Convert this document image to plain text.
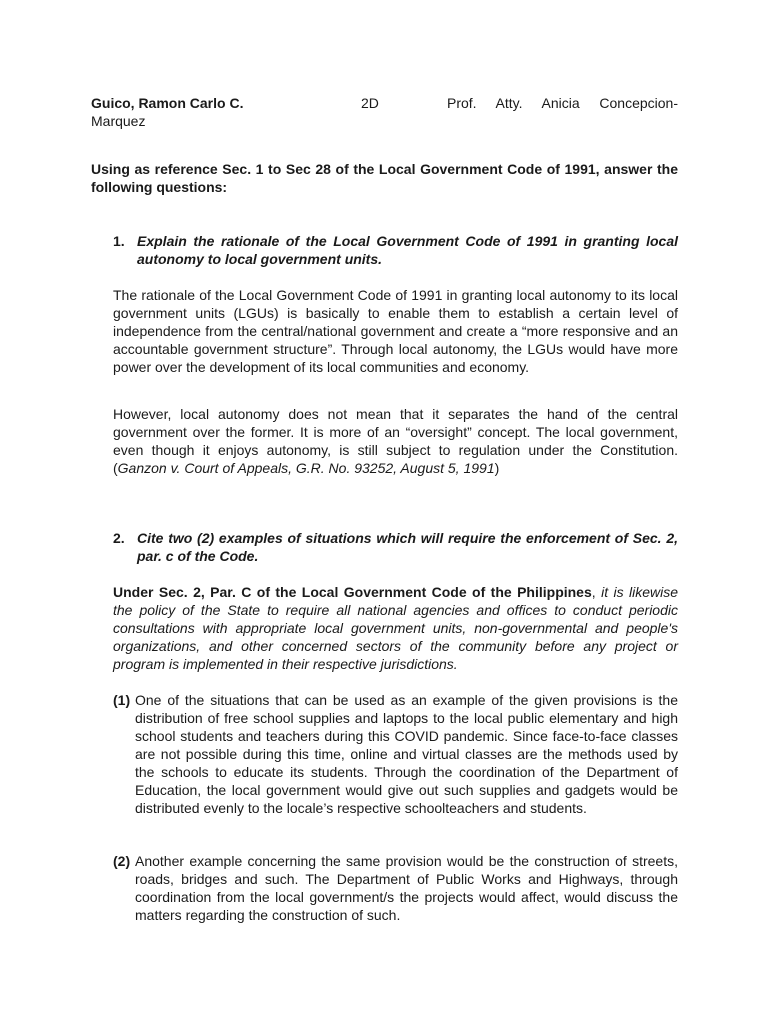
Guico, Ramon Carlo C.	2D	Prof. Atty. Anicia Concepcion-
Marquez
Using as reference Sec. 1 to Sec 28 of the Local Government Code of 1991, answer the following questions:
1. Explain the rationale of the Local Government Code of 1991 in granting local autonomy to local government units.
The rationale of the Local Government Code of 1991 in granting local autonomy to its local government units (LGUs) is basically to enable them to establish a certain level of independence from the central/national government and create a “more responsive and an accountable government structure”. Through local autonomy, the LGUs would have more power over the development of its local communities and economy.
However, local autonomy does not mean that it separates the hand of the central government over the former. It is more of an “oversight” concept. The local government, even though it enjoys autonomy, is still subject to regulation under the Constitution. (Ganzon v. Court of Appeals, G.R. No. 93252, August 5, 1991)
2. Cite two (2) examples of situations which will require the enforcement of Sec. 2, par. c of the Code.
Under Sec. 2, Par. C of the Local Government Code of the Philippines, it is likewise the policy of the State to require all national agencies and offices to conduct periodic consultations with appropriate local government units, non-governmental and people's organizations, and other concerned sectors of the community before any project or program is implemented in their respective jurisdictions.
(1) One of the situations that can be used as an example of the given provisions is the distribution of free school supplies and laptops to the local public elementary and high school students and teachers during this COVID pandemic. Since face-to-face classes are not possible during this time, online and virtual classes are the methods used by the schools to educate its students. Through the coordination of the Department of Education, the local government would give out such supplies and gadgets would be distributed evenly to the locale’s respective schoolteachers and students.
(2) Another example concerning the same provision would be the construction of streets, roads, bridges and such. The Department of Public Works and Highways, through coordination from the local government/s the projects would affect, would discuss the matters regarding the construction of such.
